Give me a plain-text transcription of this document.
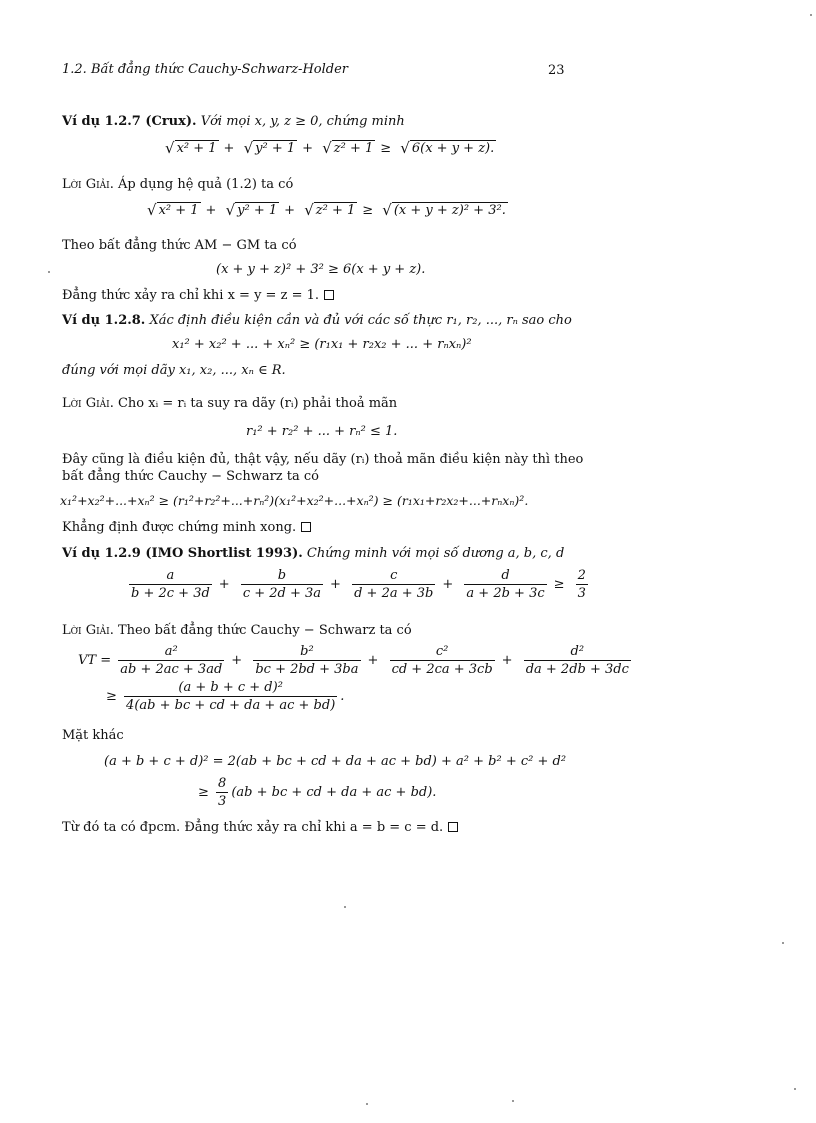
1.2. Bất đẳng thức Cauchy-Schwarz-Holder	23
Ví dụ 1.2.7 (Crux). Với mọi x, y, z ≥ 0, chứng minh
√ x² + 1 + √ y² + 1 + √ z² + 1 ≥ √ 6(x + y + z).
Lời Giải. Áp dụng hệ quả (1.2) ta có
√ x² + 1 + √ y² + 1 + √ z² + 1 ≥ √ (x + y + z)² + 3².
Theo bất đẳng thức AM − GM ta có
(x + y + z)² + 3² ≥ 6(x + y + z).
Đẳng thức xảy ra chỉ khi x = y = z = 1.
Ví dụ 1.2.8. Xác định điều kiện cần và đủ với các số thực r₁, r₂, ..., rₙ sao cho
x₁² + x₂² + ... + xₙ² ≥ (r₁x₁ + r₂x₂ + ... + rₙxₙ)²
đúng với mọi dãy x₁, x₂, ..., xₙ ∈ R.
Lời Giải. Cho xᵢ = rᵢ ta suy ra dãy (rᵢ) phải thoả mãn
r₁² + r₂² + ... + rₙ² ≤ 1.
Đây cũng là điều kiện đủ, thật vậy, nếu dãy (rᵢ) thoả mãn điều kiện này thì theo
bất đẳng thức Cauchy − Schwarz ta có
x₁²+x₂²+...+xₙ² ≥ (r₁²+r₂²+...+rₙ²)(x₁²+x₂²+...+xₙ²) ≥ (r₁x₁+r₂x₂+...+rₙxₙ)².
Khẳng định được chứng minh xong.
Ví dụ 1.2.9 (IMO Shortlist 1993). Chứng minh với mọi số dương a, b, c, d
$\frac{a}{b + 2c + 3d} + \frac{b}{c + 2d + 3a} + \frac{c}{d + 2a + 3b} + \frac{d}{a + 2b + 3c} \ge \frac{2}{3}$
Lời Giải. Theo bất đẳng thức Cauchy − Schwarz ta có
VT = $\frac{\text{a²}}{ab + 2ac + 3ad} + \frac{\text{b²}}{bc + 2bd + 3ba} + \frac{\text{c²}}{cd + 2ca + 3cb} + \frac{\text{d²}}{da + 2db + 3dc}$
≥ $\frac{\text{(a + b + c + d)²}}{4(ab + bc + cd + da + ac + bd)}$ .
Mặt khác
(a + b + c + d)² = 2(ab + bc + cd + da + ac + bd) + a² + b² + c² + d²
≥ $\frac{8}{3} (ab$ + bc + cd + da + ac + bd).
Từ đó ta có đpcm. Đẳng thức xảy ra chỉ khi a = b = c = d.
